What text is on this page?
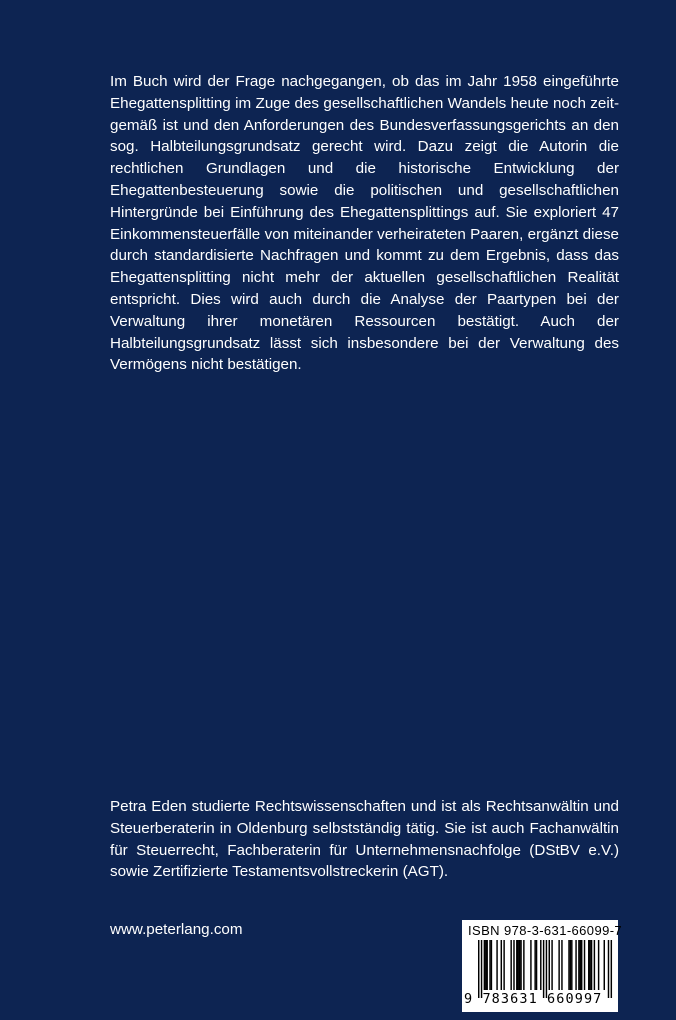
Im Buch wird der Frage nachgegangen, ob das im Jahr 1958 eingeführte Ehegattensplitting im Zuge des gesellschaftlichen Wandels heute noch zeitgemäß ist und den Anforderungen des Bundesverfassungsgerichts an den sog. Halbteilungsgrundsatz gerecht wird. Dazu zeigt die Autorin die rechtlichen Grundlagen und die historische Entwicklung der Ehegattenbesteuerung sowie die politischen und gesellschaftlichen Hintergründe bei Einführung des Ehegattensplittings auf. Sie exploriert 47 Einkommensteuerfälle von miteinander verheirateten Paaren, ergänzt diese durch standardisierte Nachfragen und kommt zu dem Ergebnis, dass das Ehegattensplitting nicht mehr der aktuellen gesellschaftlichen Realität entspricht. Dies wird auch durch die Analyse der Paartypen bei der Verwaltung ihrer monetären Ressourcen bestätigt. Auch der Halbteilungsgrundsatz lässt sich insbesondere bei der Verwaltung des Vermögens nicht bestätigen.

Petra Eden studierte Rechtswissenschaften und ist als Rechtsanwältin und Steuerberaterin in Oldenburg selbstständig tätig. Sie ist auch Fachanwältin für Steuerrecht, Fachberaterin für Unternehmensnachfolge (DStBV e.V.) sowie Zertifizierte Testamentsvollstreckerin (AGT).

www.peterlang.com	ISBN 978-3-631-66099-7
9 783631 660997
